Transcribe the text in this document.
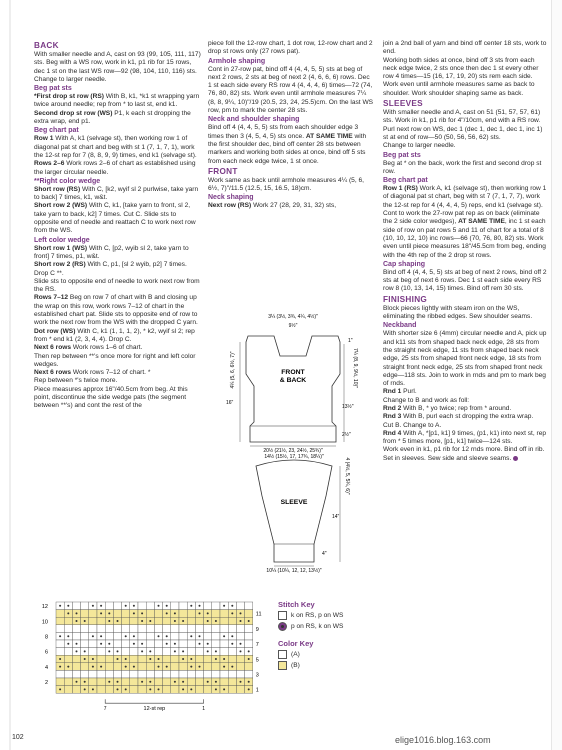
BACK

With smaller needle and A, cast on 93 (99, 105, 111, 117) sts. Beg with a WS row, work in k1, p1 rib for 15 rows, dec 1 st on the last WS row—92 (98, 104, 110, 116) sts.

Change to larger needle.

Beg pat sts

*First drop st row (RS) With B, k1, *k1 st wrapping yarn twice around needle; rep from * to last st, end k1.

Second drop st row (WS) P1, k each st dropping the extra wrap, end p1.

Beg chart pat

Row 1 With A, k1 (selvage st), then working row 1 of diagonal pat st chart and beg with st 1 (7, 1, 7, 1), work the 12-st rep for 7 (8, 8, 9, 9) times, end k1 (selvage st).

Rows 2–6 Work rows 2–6 of chart as established using the larger circular needle.

**Right color wedge

Short row (RS) With C, [k2, wyif sl 2 purlwise, take yarn to back] 7 times, k1, w&t.

Short row 2 (WS) With C, k1, [take yarn to front, sl 2, take yarn to back, k2] 7 times. Cut C. Slide sts to opposite end of needle and reattach C to work next row from the WS.

Left color wedge

Short row 1 (WS) With C, [p2, wyib sl 2, take yarn to front] 7 times, p1, w&t.

Short row 2 (RS) With C, p1, [sl 2 wyib, p2] 7 times.

Drop C **.

Slide sts to opposite end of needle to work next row from the RS.

Rows 7–12 Beg on row 7 of chart with B and closing up the wrap on this row, work rows 7–12 of chart in the established chart pat. Slide sts to opposite end of row to work the next row from the WS with the dropped C yarn.

Dot row (WS) With C, k1 (1, 1, 1, 2), * k2, wyif sl 2; rep from * end k1 (2, 3, 4, 4). Drop C.

Next 6 rows Work rows 1–6 of chart.

Then rep between **'s once more for right and left color wedges.

Next 6 rows Work rows 7–12 of chart. *

Rep between *'s twice more.

Piece measures approx 16"/40.5cm from beg. At this point, discontinue the side wedge pats (the segment between **'s) and cont the rest of the

piece foll the 12-row chart, 1 dot row, 12-row chart and 2 drop st rows only (27 rows pat).

Armhole shaping

Cont in 27-row pat, bind off 4 (4, 4, 5, 5) sts at beg of next 2 rows, 2 sts at beg of next 2 (4, 6, 6, 6) rows. Dec 1 st each side every RS row 4 (4, 4, 4, 6) times—72 (74, 76, 80, 82) sts. Work even until armhole measures 7¼ (8, 8, 9¼, 10)"/19 (20.5, 23, 24, 25.5)cm. On the last WS row, pm to mark the center 28 sts.

Neck and shoulder shaping

Bind off 4 (4, 4, 5, 5) sts from each shoulder edge 3 times then 3 (4, 5, 4, 5) sts once. AT SAME TIME with the first shoulder dec, bind off center 28 sts between markers and working both sides at once, bind off 5 sts from each neck edge twice, 1 st once.

FRONT

Work same as back until armhole measures 4¼ (5, 6, 6½, 7)"/11.5 (12.5, 15, 16.5, 18)cm.

Neck shaping

Next row (RS) Work 27 (28, 29, 31, 32) sts,

join a 2nd ball of yarn and bind off center 18 sts, work to end.

Working both sides at once, bind off 3 sts from each neck edge twice, 2 sts once then dec 1 st every other row 4 times—15 (16, 17, 19, 20) sts rem each side. Work even until armhole measures same as back to shoulder. Work shoulder shaping same as back.

SLEEVES

With smaller needle and A, cast on 51 (51, 57, 57, 61) sts. Work in k1, p1 rib for 4"/10cm, end with a RS row.

Purl next row on WS, dec 1 (dec 1, dec 1, dec 1, inc 1) st at end of row—50 (50, 56, 56, 62) sts.

Change to larger needle.

Beg pat sts

Beg at * on the back, work the first and second drop st row.

Beg chart pat

Row 1 (RS) Work A, k1 (selvage st), then working row 1 of diagonal pat st chart, beg with st 7 (7, 1, 7, 7), work the 12-st rep for 4 (4, 4, 4, 5) reps, end k1 (selvage st).

Cont to work the 27-row pat rep as on back (eliminate the 2 side color wedges), AT SAME TIME, inc 1 st each side of row on pat rows 5 and 11 of chart for a total of 8 (10, 10, 12, 10) inc rows—66 (70, 76, 80, 82) sts. Work even until piece measures 18"/45.5cm from beg, ending with the 4th rep of the 2 drop st rows.

Cap shaping

Bind off 4 (4, 4, 5, 5) sts at beg of next 2 rows, bind off 2 sts at beg of next 6 rows. Dec 1 st each side every RS row 8 (10, 13, 14, 15) times. Bind off rem 30 sts.

FINISHING

Block pieces lightly with steam iron on the WS, eliminating the ribbed edges. Sew shoulder seams.

Neckband

With shorter size 6 (4mm) circular needle and A, pick up and k11 sts from shaped back neck edge, 28 sts from the straight neck edge, 11 sts from shaped back neck edge, 25 sts from shaped front neck edge, 18 sts from straight front neck edge, 25 sts from shaped front neck edge—118 sts. Join to work in rnds and pm to mark beg of rnds.

Rnd 1 Purl.

Change to B and work as foll:

Rnd 2 With B, * yo twice; rep from * around.

Rnd 3 With B, purl each st dropping the extra wrap.

Cut B. Change to A.

Rnd 4 With A, *[p1, k1] 9 times, (p1, k1) into next st, rep from * 5 times more, [p1, k1] twice—124 sts.

Work even in k1, p1 rib for 12 rnds more. Bind off in rib.

Set in sleeves. Sew side and sleeve seams.

FRONT
& BACK
3¼ (3½, 3¾, 4¼, 4½)"
9½"
1"
4¼ (5, 6, 6½, 7)"	7¼ (8, 9, 9½, 10)"
16"
13½"
2½"
20½ (21½, 23, 24½, 25¾)"
SLEEVE
14½ (15½, 17, 17¾, 18¼)"
4 (4½, 5, 5¼, 6)"
14"
4"
10¼ (10¼, 12, 12, 13½)"
12
10
8
6
4
2
11
9
7
5
3
1
12-st rep
7	1

Stitch Key

k on RS, p on WS
p on RS, k on WS

Color Key

(A)
(B)
102	elige1016.blog.163.com
